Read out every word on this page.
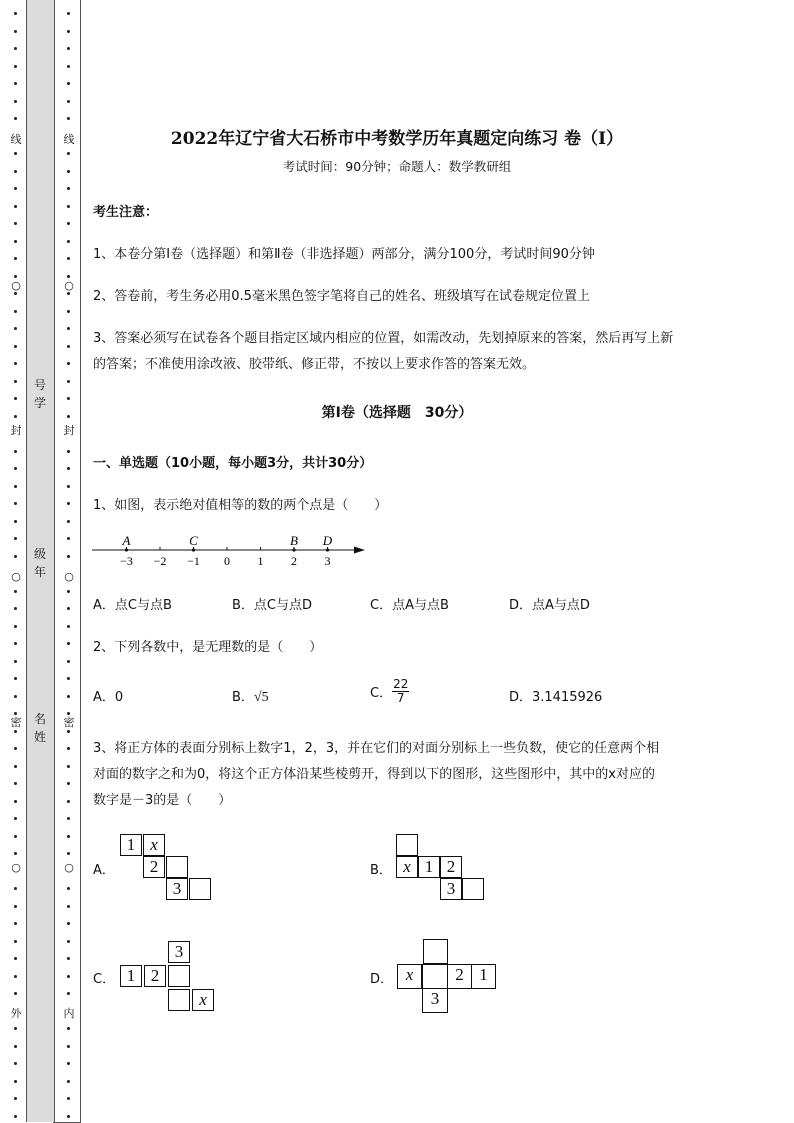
线
○
封
○
密
○
外
线
○
封
○
密
○
内
号学
级年
名姓
2022年辽宁省大石桥市中考数学历年真题定向练习 卷（Ⅰ）
考试时间：90分钟；命题人：数学教研组
考生注意：
1、本卷分第Ⅰ卷（选择题）和第Ⅱ卷（非选择题）两部分，满分100分，考试时间90分钟
2、答卷前，考生务必用0.5毫米黑色签字笔将自己的姓名、班级填写在试卷规定位置上
3、答案必须写在试卷各个题目指定区域内相应的位置，如需改动，先划掉原来的答案，然后再写上新
的答案；不准使用涂改液、胶带纸、修正带，不按以上要求作答的答案无效。
第Ⅰ卷（选择题　30分）
一、单选题（10小题，每小题3分，共计30分）
1、如图，表示绝对值相等的数的两个点是（　　）
−3 −2 −1 0 1 2 3
A	C	B D
A．点C与点B	B．点C与点D	C．点A与点B	D．点A与点D
2、下列各数中，是无理数的是（　　）
A．0	B．√5	C． $\frac{22}{7}$	D．3.1415926
3、将正方体的表面分别标上数字1，2，3，并在它们的对面分别标上一些负数，使它的任意两个相
对面的数字之和为0，将这个正方体沿某些棱剪开，得到以下的图形，这些图形中，其中的x对应的
数字是－3的是（　　）
A．
1 x
2
3
B． x 1 2
3
C．
3
1 2
x
D． x	2 1
3
